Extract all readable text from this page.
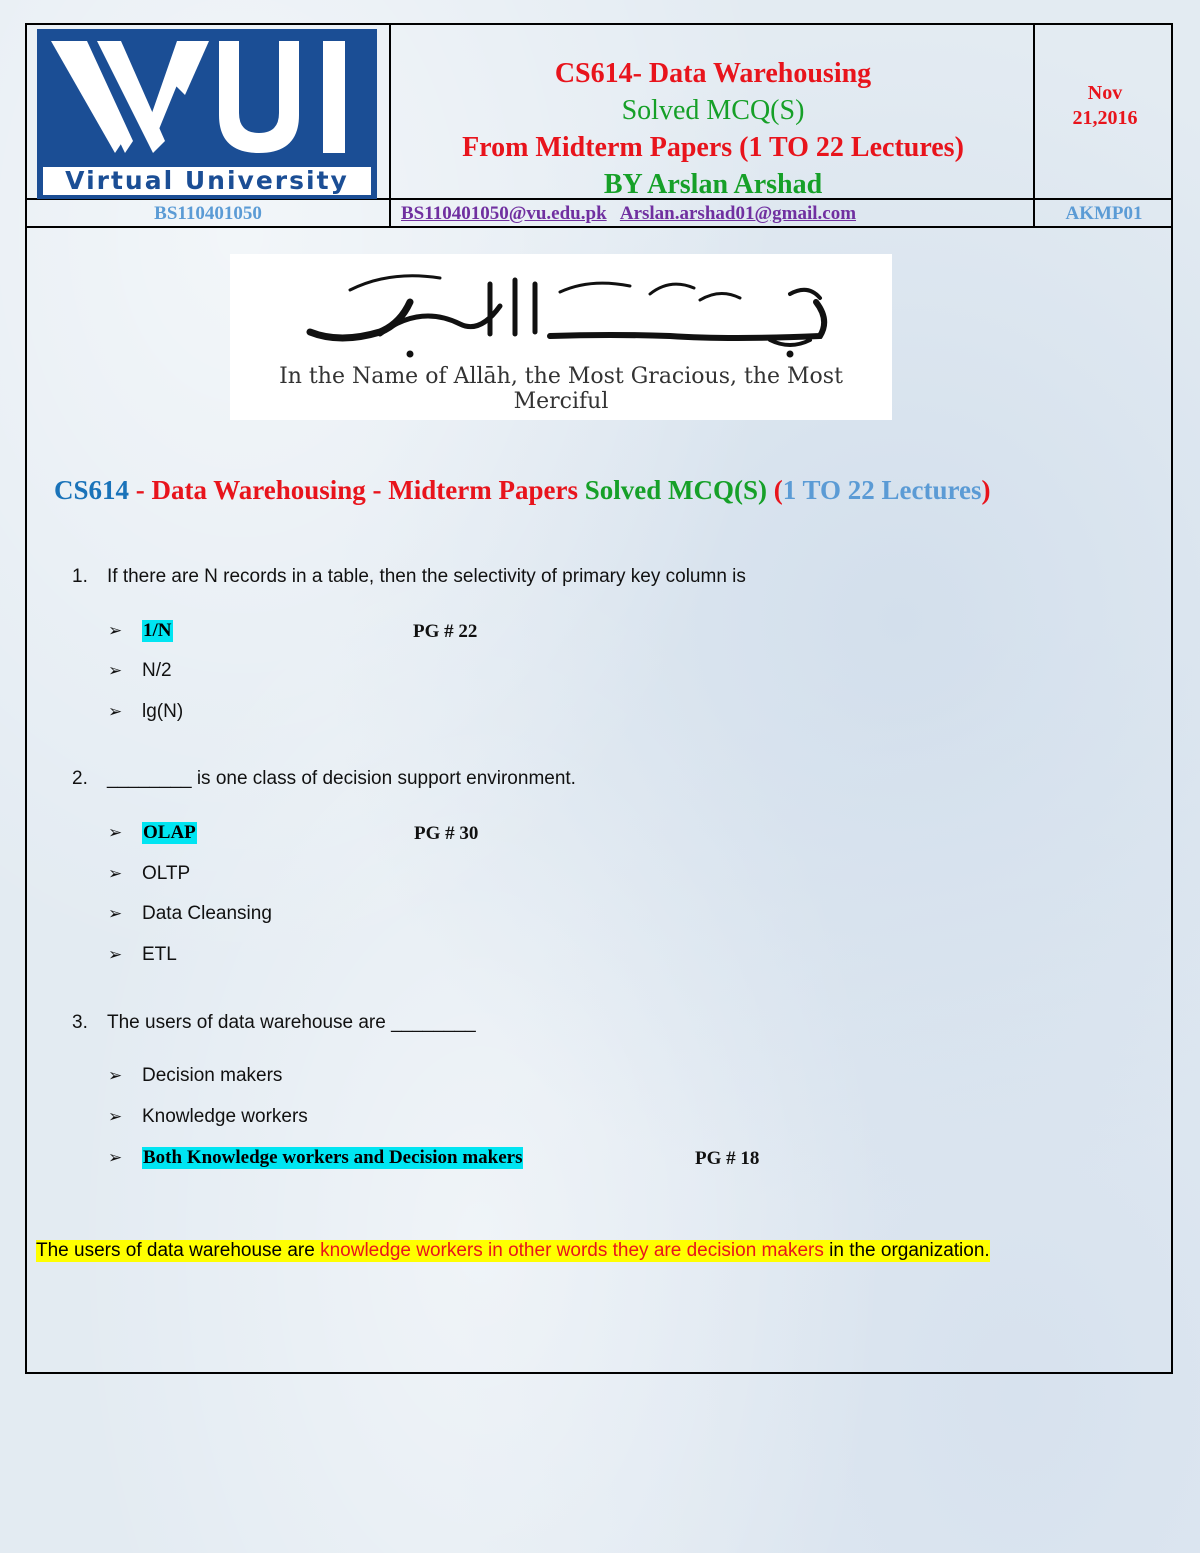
Virtual University
CS614- Data Warehousing
Solved MCQ(S)
From Midterm Papers (1 TO 22 Lectures)
BY Arslan Arshad
Nov
21,2016
BS110401050	BS110401050@vu.edu.pk Arslan.arshad01@gmail.com	AKMP01
In the Name of Allāh, the Most Gracious, the Most Merciful
CS614 - Data Warehousing - Midterm Papers Solved MCQ(S) (1 TO 22 Lectures)
1. If there are N records in a table, then the selectivity of primary key column is
➢ 1/N	PG # 22
➢ N/2
➢ lg(N)
2. ________ is one class of decision support environment.
➢ OLAP	PG # 30
➢ OLTP
➢ Data Cleansing
➢ ETL
3. The users of data warehouse are ________
➢ Decision makers
➢ Knowledge workers
➢ Both Knowledge workers and Decision makers	PG # 18
The users of data warehouse are knowledge workers in other words they are decision makers in the organization.
